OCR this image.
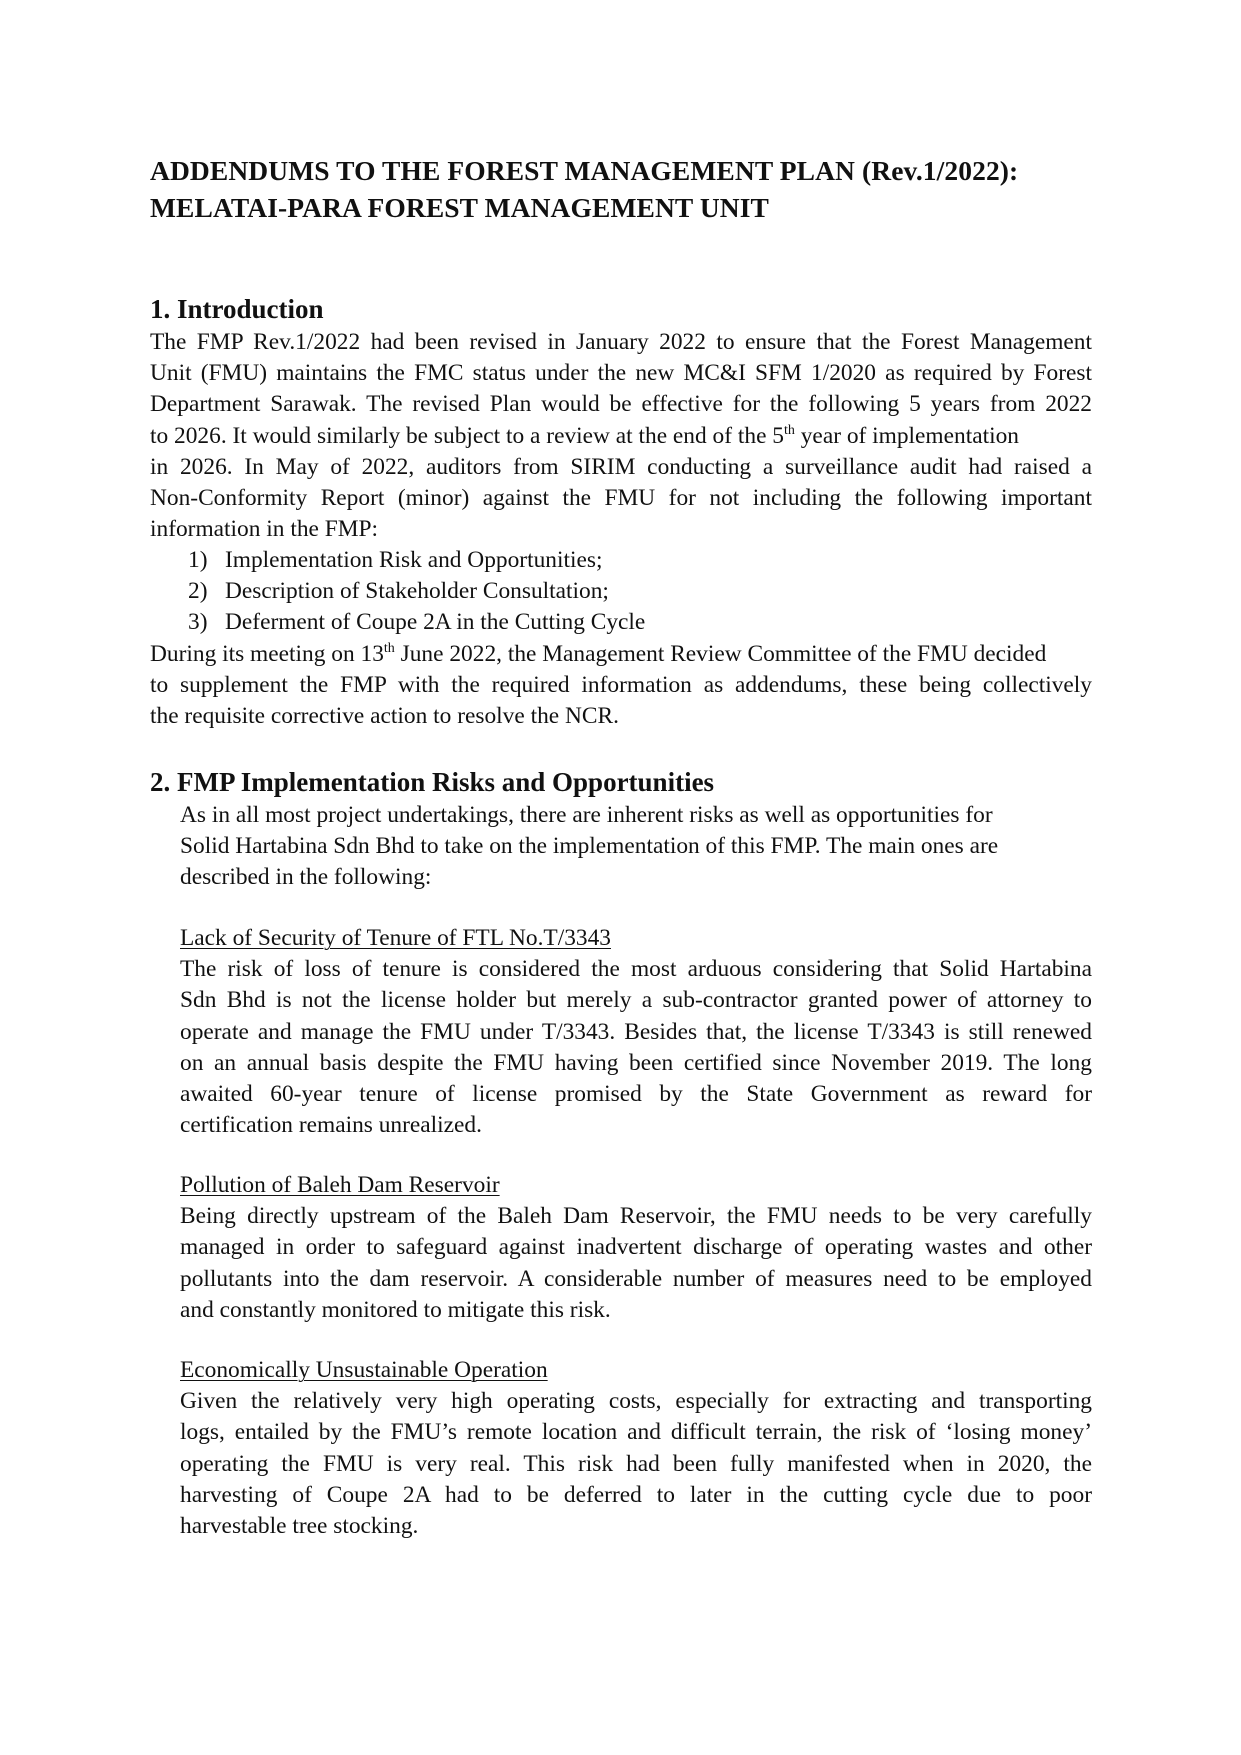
ADDENDUMS TO THE FOREST MANAGEMENT PLAN (Rev.1/2022):
MELATAI-PARA FOREST MANAGEMENT UNIT
1. Introduction
The FMP Rev.1/2022 had been revised in January 2022 to ensure that the Forest Management
Unit (FMU) maintains the FMC status under the new MC&I SFM 1/2020 as required by Forest
Department Sarawak. The revised Plan would be effective for the following 5 years from 2022
to 2026. It would similarly be subject to a review at the end of the 5th year of implementation
in 2026. In May of 2022, auditors from SIRIM conducting a surveillance audit had raised a
Non-Conformity Report (minor) against the FMU for not including the following important
information in the FMP:
1) Implementation Risk and Opportunities;
2) Description of Stakeholder Consultation;
3) Deferment of Coupe 2A in the Cutting Cycle
During its meeting on 13th June 2022, the Management Review Committee of the FMU decided
to supplement the FMP with the required information as addendums, these being collectively
the requisite corrective action to resolve the NCR.
2. FMP Implementation Risks and Opportunities
As in all most project undertakings, there are inherent risks as well as opportunities for
Solid Hartabina Sdn Bhd to take on the implementation of this FMP. The main ones are
described in the following:
Lack of Security of Tenure of FTL No.T/3343
The risk of loss of tenure is considered the most arduous considering that Solid Hartabina
Sdn Bhd is not the license holder but merely a sub-contractor granted power of attorney to
operate and manage the FMU under T/3343. Besides that, the license T/3343 is still renewed
on an annual basis despite the FMU having been certified since November 2019. The long
awaited 60-year tenure of license promised by the State Government as reward for
certification remains unrealized.
Pollution of Baleh Dam Reservoir
Being directly upstream of the Baleh Dam Reservoir, the FMU needs to be very carefully
managed in order to safeguard against inadvertent discharge of operating wastes and other
pollutants into the dam reservoir. A considerable number of measures need to be employed
and constantly monitored to mitigate this risk.
Economically Unsustainable Operation
Given the relatively very high operating costs, especially for extracting and transporting
logs, entailed by the FMU’s remote location and difficult terrain, the risk of ‘losing money’
operating the FMU is very real. This risk had been fully manifested when in 2020, the
harvesting of Coupe 2A had to be deferred to later in the cutting cycle due to poor
harvestable tree stocking.
